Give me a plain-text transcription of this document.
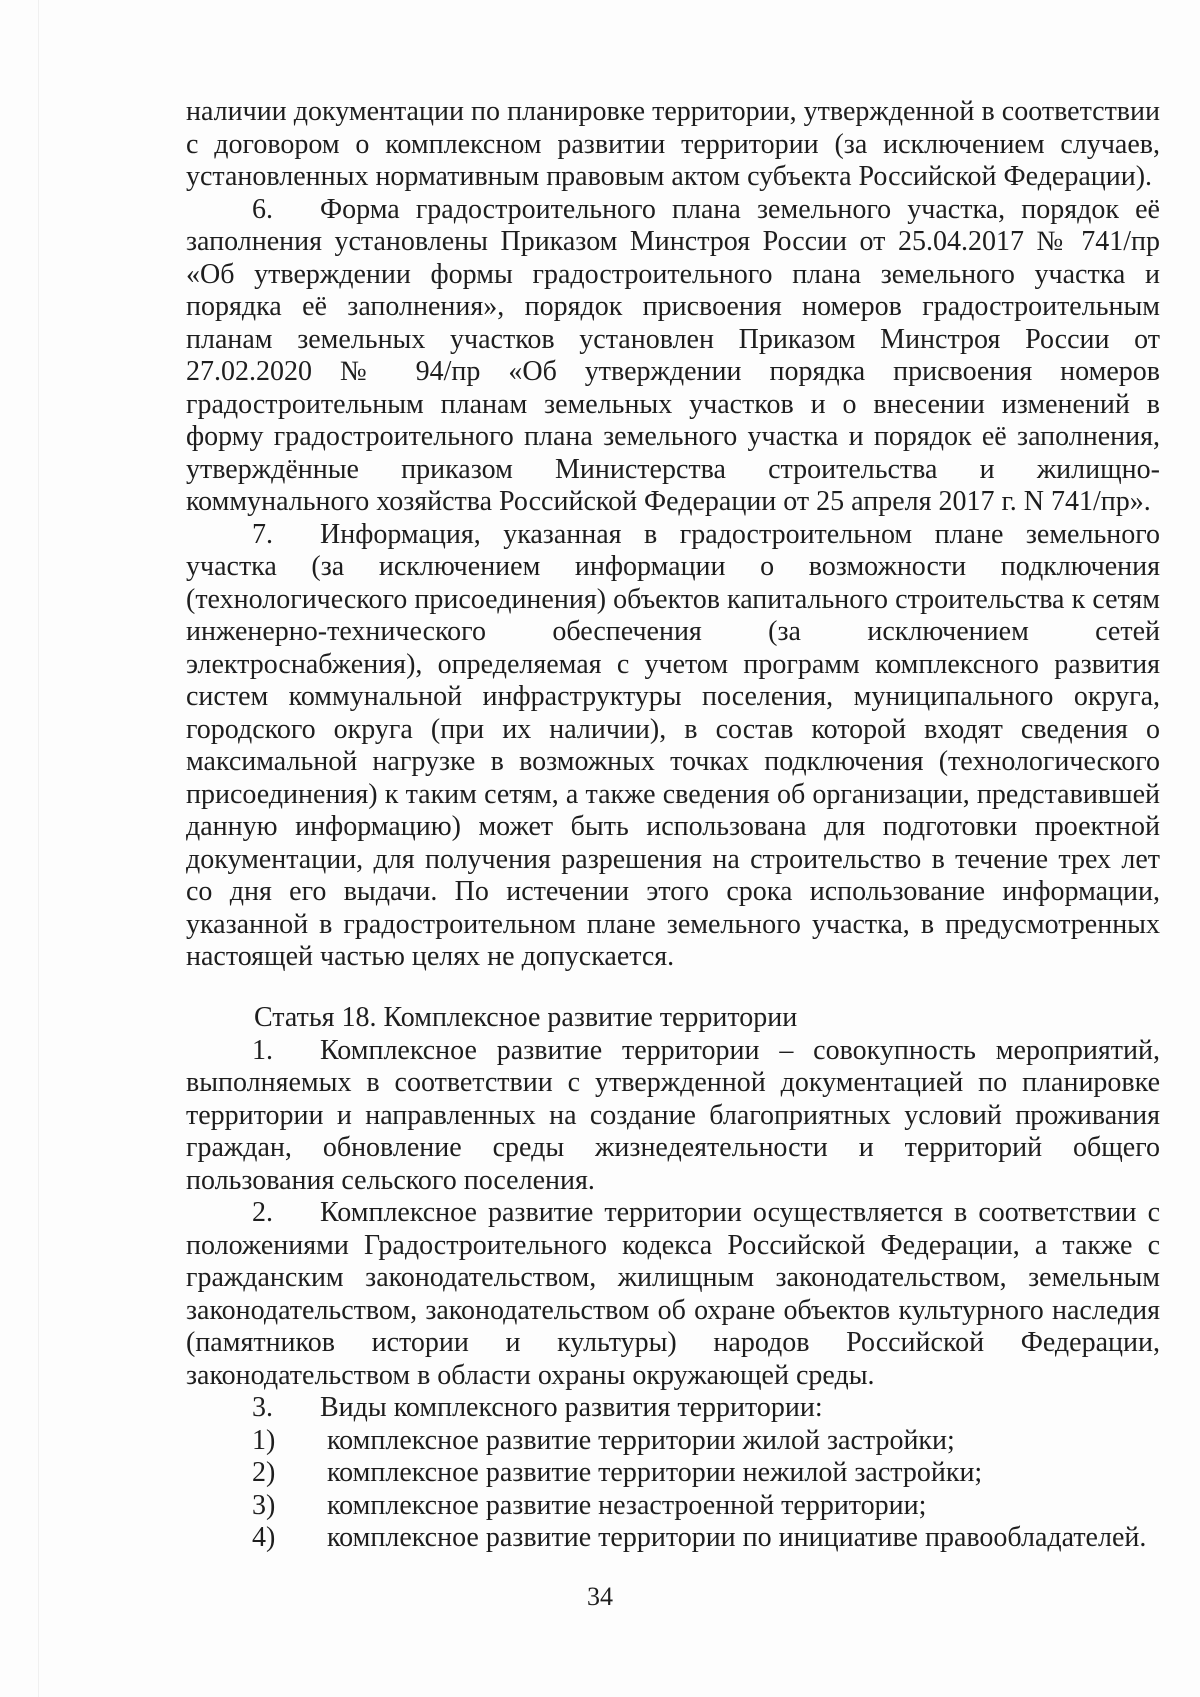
наличии документации по планировке территории, утвержденной в соответствии с договором о комплексном развитии территории (за исключением случаев, установленных нормативным правовым актом субъекта Российской Федерации).

6. Форма градостроительного плана земельного участка, порядок её заполнения установлены Приказом Минстроя России от 25.04.2017 № 741/пр «Об утверждении формы градостроительного плана земельного участка и порядка её заполнения», порядок присвоения номеров градостроительным планам земельных участков установлен Приказом Минстроя России от 27.02.2020 № 94/пр «Об утверждении порядка присвоения номеров градостроительным планам земельных участков и о внесении изменений в форму градостроительного плана земельного участка и порядок её заполнения, утверждённые приказом Министерства строительства и жилищно-коммунального хозяйства Российской Федерации от 25 апреля 2017 г. N 741/пр».

7. Информация, указанная в градостроительном плане земельного участка (за исключением информации о возможности подключения (технологического присоединения) объектов капитального строительства к сетям инженерно-технического обеспечения (за исключением сетей электроснабжения), определяемая с учетом программ комплексного развития систем коммунальной инфраструктуры поселения, муниципального округа, городского округа (при их наличии), в состав которой входят сведения о максимальной нагрузке в возможных точках подключения (технологического присоединения) к таким сетям, а также сведения об организации, представившей данную информацию) может быть использована для подготовки проектной документации, для получения разрешения на строительство в течение трех лет со дня его выдачи. По истечении этого срока использование информации, указанной в градостроительном плане земельного участка, в предусмотренных настоящей частью целях не допускается.

Статья 18. Комплексное развитие территории

1. Комплексное развитие территории – совокупность мероприятий, выполняемых в соответствии с утвержденной документацией по планировке территории и направленных на создание благоприятных условий проживания граждан, обновление среды жизнедеятельности и территорий общего пользования сельского поселения.

2. Комплексное развитие территории осуществляется в соответствии с положениями Градостроительного кодекса Российской Федерации, а также с гражданским законодательством, жилищным законодательством, земельным законодательством, законодательством об охране объектов культурного наследия (памятников истории и культуры) народов Российской Федерации, законодательством в области охраны окружающей среды.

3. Виды комплексного развития территории:

1) комплексное развитие территории жилой застройки;

2) комплексное развитие территории нежилой застройки;

3) комплексное развитие незастроенной территории;

4) комплексное развитие территории по инициативе правообладателей.

34
